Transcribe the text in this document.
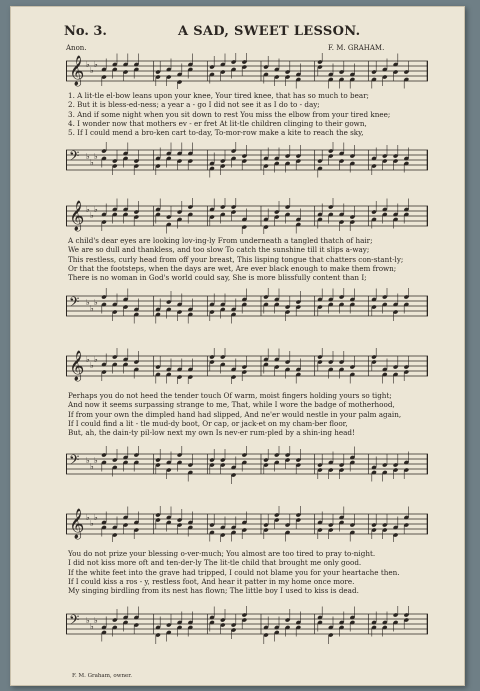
No. 3.	A SAD, SWEET LESSON.
Anon.	F. M. GRAHAM.
𝄞 ♭
♭
♭
1. A lit-tle el-bow leans upon your knee, Your tired knee, that has so much to bear;
2. But it is bless-ed-ness; a year a - go I did not see it as I do to - day;
3. And if some night when you sit down to rest You miss the elbow from your tired knee;
4. I wonder now that mothers ev - er fret At lit-tle children clinging to their gown,
5. If I could mend a bro-ken cart to-day, To-mor-row make a kite to reach the sky,
𝄢 ♭
♭
♭
𝄞 ♭
♭
♭
A child's dear eyes are looking lov-ing-ly From underneath a tangled thatch of hair;
We are so dull and thankless, and too slow To catch the sunshine till it slips a-way;
This restless, curly head from off your breast, This lisping tongue that chatters con-stant-ly;
Or that the footsteps, when the days are wet, Are ever black enough to make them frown;
There is no woman in God's world could say, She is more blissfully content than I;
𝄢 ♭
♭
♭
𝄞 ♭
♭
♭
Perhaps you do not heed the tender touch Of warm, moist fingers holding yours so tight;
And now it seems surpassing strange to me, That, while I wore the badge of motherhood,
If from your own the dimpled hand had slipped, And ne'er would nestle in your palm again,
If I could find a lit - tle mud-dy boot, Or cap, or jack-et on my cham-ber floor,
But, ah, the dain-ty pil-low next my own Is nev-er rum-pled by a shin-ing head!
𝄢 ♭
♭
♭
𝄞 ♭
♭
♭
You do not prize your blessing o-ver-much; You almost are too tired to pray to-night.
I did not kiss more oft and ten-der-ly The lit-tle child that brought me only good.
If the white feet into the grave had tripped, I could not blame you for your heartache then.
If I could kiss a ros - y, restless foot, And hear it patter in my home once more.
My singing birdling from its nest has flown; The little boy I used to kiss is dead.
𝄢 ♭
♭
♭
F. M. Graham, owner.
